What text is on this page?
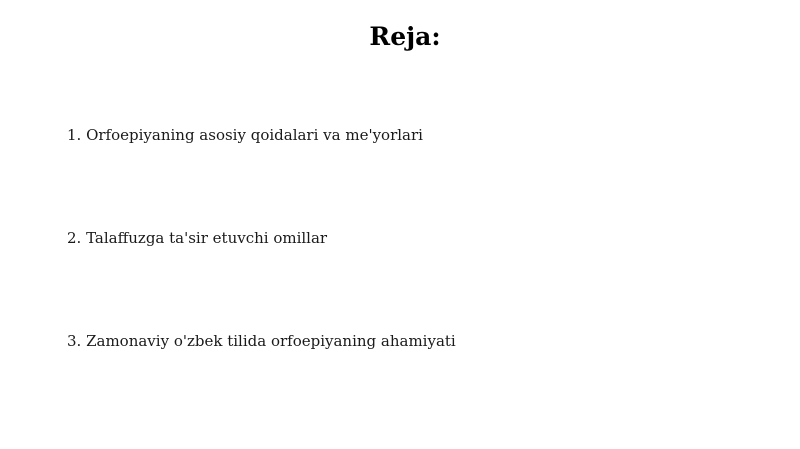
Reja:
1. Orfoepiyaning asosiy qoidalari va me'yorlari
2. Talaffuzga ta'sir etuvchi omillar
3. Zamonaviy o'zbek tilida orfoepiyaning ahamiyati
